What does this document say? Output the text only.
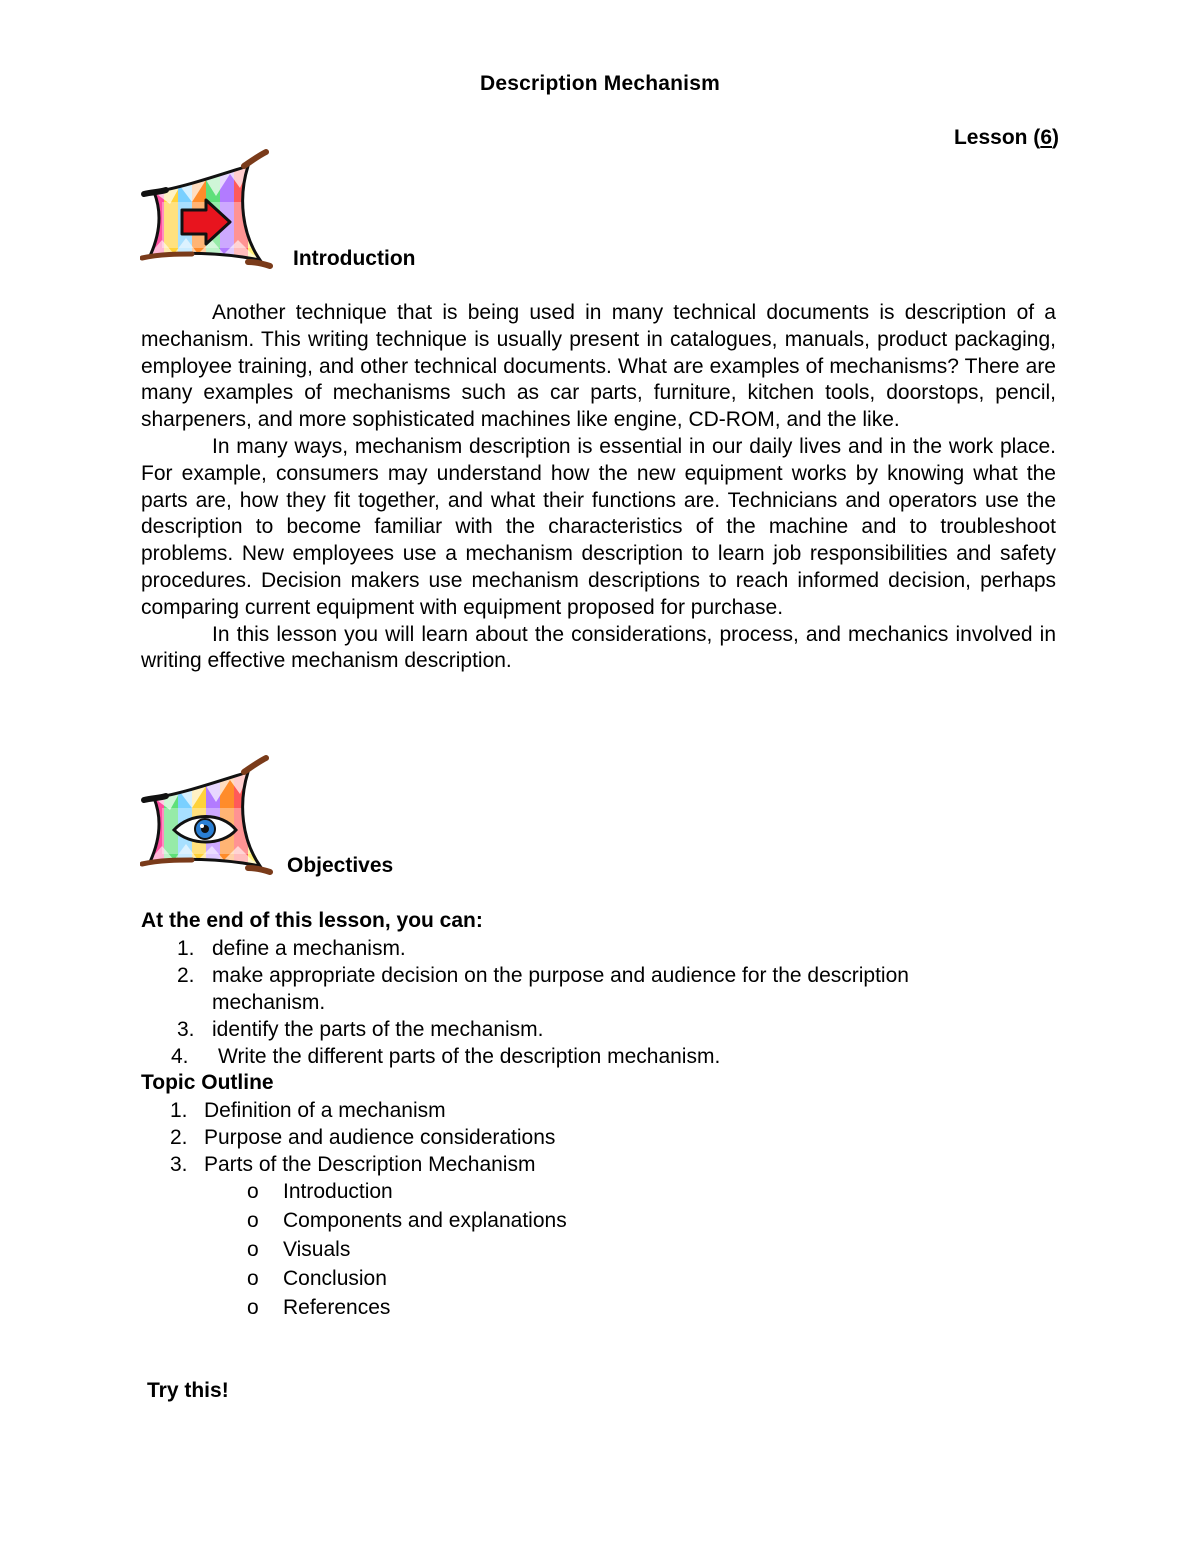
Description Mechanism
Lesson (6)
Introduction

Another technique that is being used in many technical documents is description of a mechanism. This writing technique is usually present in catalogues, manuals, product packaging, employee training, and other technical documents. What are examples of mechanisms? There are many examples of mechanisms such as car parts, furniture, kitchen tools, doorstops, pencil, sharpeners, and more sophisticated machines like engine, CD-ROM, and the like.

In many ways, mechanism description is essential in our daily lives and in the work place. For example, consumers may understand how the new equipment works by knowing what the parts are, how they fit together, and what their functions are. Technicians and operators use the description to become familiar with the characteristics of the machine and to troubleshoot problems. New employees use a mechanism description to learn job responsibilities and safety procedures. Decision makers use mechanism descriptions to reach informed decision, perhaps comparing current equipment with equipment proposed for purchase.

In this lesson you will learn about the considerations, process, and mechanics involved in writing effective mechanism description.

Objectives
At the end of this lesson, you can:
1. define a mechanism.
2. make appropriate decision on the purpose and audience for the description mechanism.
3. identify the parts of the mechanism.
4. Write the different parts of the description mechanism.
Topic Outline
1. Definition of a mechanism
2. Purpose and audience considerations
3. Parts of the Description Mechanism
o Introduction
o Components and explanations
o Visuals
o Conclusion
o References
Try this!
